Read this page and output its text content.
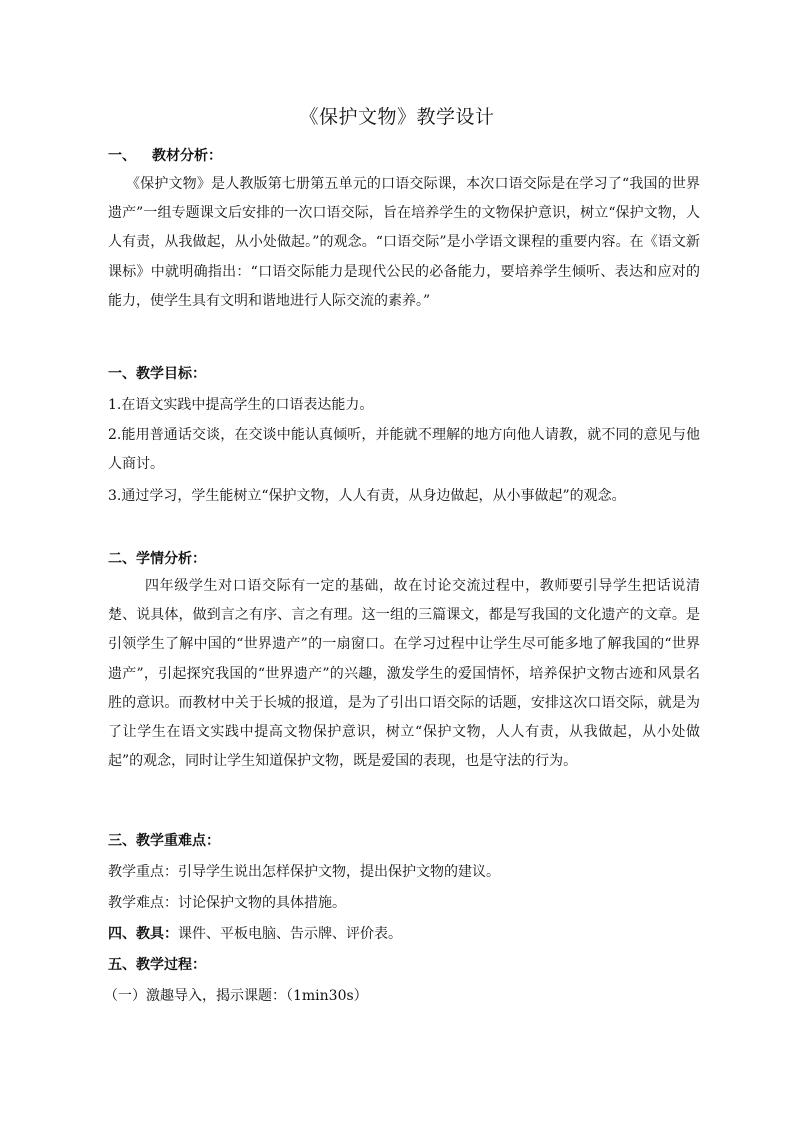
《保护文物》教学设计
一、 教材分析：
《保护文物》是人教版第七册第五单元的口语交际课，本次口语交际是在学习了“我国的世界遗产”一组专题课文后安排的一次口语交际，旨在培养学生的文物保护意识，树立“保护文物，人人有责，从我做起，从小处做起。”的观念。“口语交际”是小学语文课程的重要内容。在《语文新课标》中就明确指出：“口语交际能力是现代公民的必备能力，要培养学生倾听、表达和应对的能力，使学生具有文明和谐地进行人际交流的素养。”
一、教学目标：
1.在语文实践中提高学生的口语表达能力。
2.能用普通话交谈，在交谈中能认真倾听，并能就不理解的地方向他人请教，就不同的意见与他人商讨。
3.通过学习，学生能树立“保护文物，人人有责，从身边做起，从小事做起”的观念。
二、学情分析：
四年级学生对口语交际有一定的基础，故在讨论交流过程中，教师要引导学生把话说清楚、说具体，做到言之有序、言之有理。这一组的三篇课文，都是写我国的文化遗产的文章。是引领学生了解中国的“世界遗产”的一扇窗口。在学习过程中让学生尽可能多地了解我国的“世界遗产”，引起探究我国的“世界遗产”的兴趣，激发学生的爱国情怀，培养保护文物古迹和风景名胜的意识。而教材中关于长城的报道，是为了引出口语交际的话题，安排这次口语交际，就是为了让学生在语文实践中提高文物保护意识，树立“保护文物，人人有责，从我做起，从小处做起”的观念，同时让学生知道保护文物，既是爱国的表现，也是守法的行为。
三、教学重难点：
教学重点：引导学生说出怎样保护文物，提出保护文物的建议。
教学难点：讨论保护文物的具体措施。
四、教具：课件、平板电脑、告示牌、评价表。
五、教学过程：
（一）激趣导入，揭示课题：（1min30s）
